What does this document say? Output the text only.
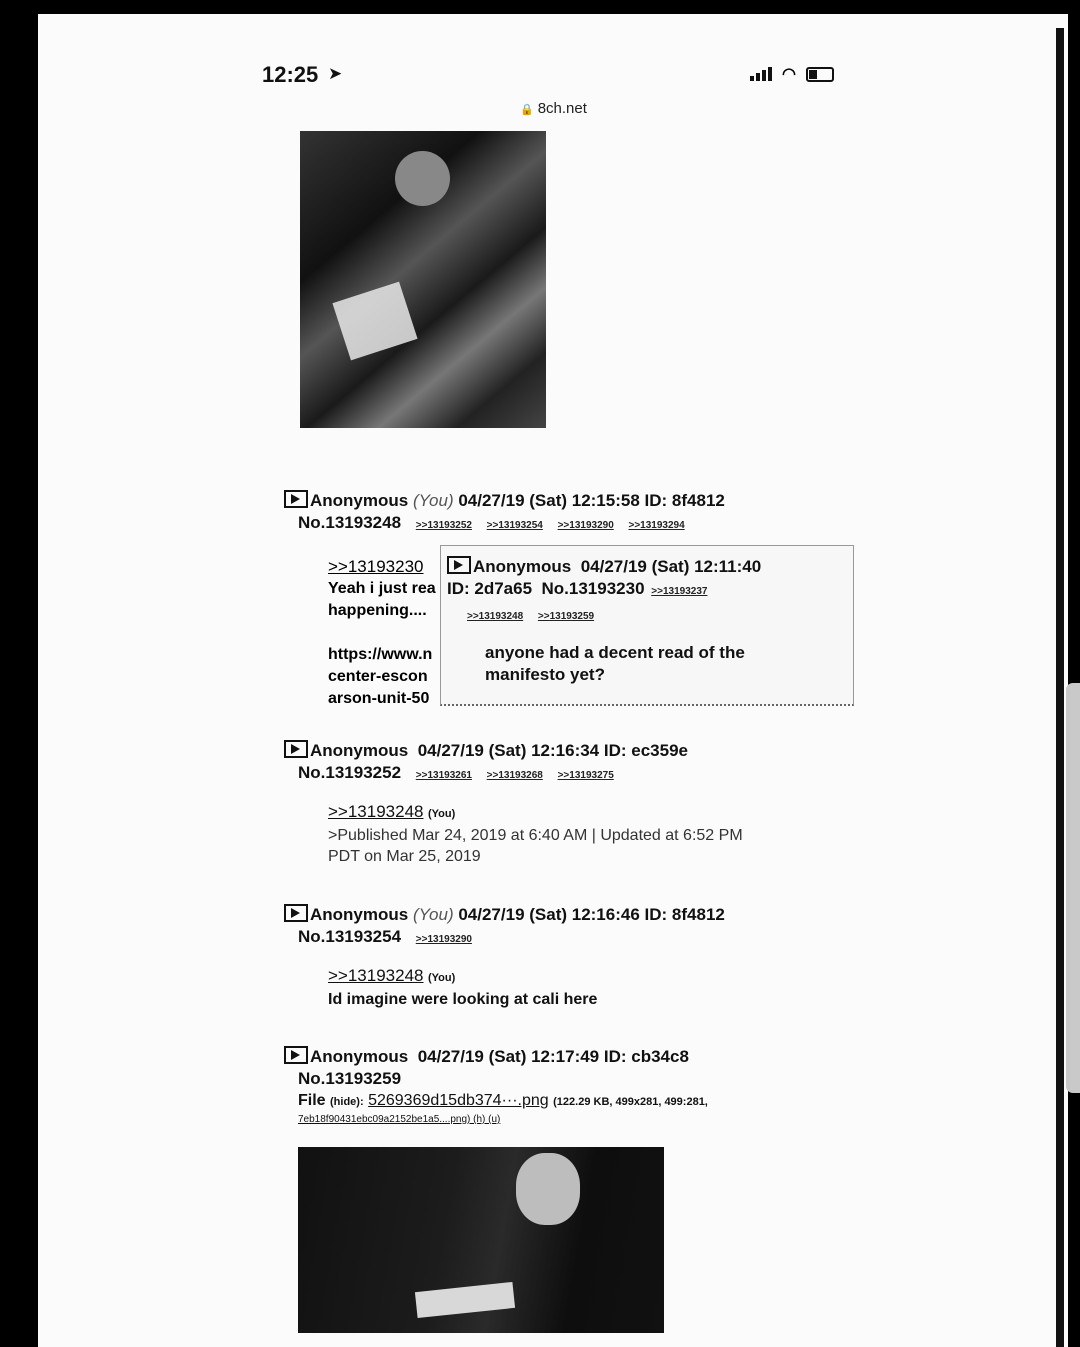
12:25 ➤	◠
🔒 8ch.net
Anonymous (You) 04/27/19 (Sat) 12:15:58 ID: 8f4812
No.13193248 >>13193252 >>13193254 >>13193290 >>13193294
>>13193230
Yeah i just rea
happening....
https://www.n
center-escon
arson-unit-50
Anonymous 04/27/19 (Sat) 12:11:40
ID: 2d7a65 No.13193230 >>13193237
>>13193248 >>13193259
anyone had a decent read of the manifesto yet?
Anonymous 04/27/19 (Sat) 12:16:34 ID: ec359e
No.13193252 >>13193261 >>13193268 >>13193275
>>13193248 (You)
>Published Mar 24, 2019 at 6:40 AM | Updated at 6:52 PM PDT on Mar 25, 2019
Anonymous (You) 04/27/19 (Sat) 12:16:46 ID: 8f4812
No.13193254 >>13193290
>>13193248 (You)
Id imagine were looking at cali here
Anonymous 04/27/19 (Sat) 12:17:49 ID: cb34c8
No.13193259
File (hide): 5269369d15db374···.png (122.29 KB, 499x281, 499:281,
7eb18f90431ebc09a2152be1a5....png) (h) (u)
